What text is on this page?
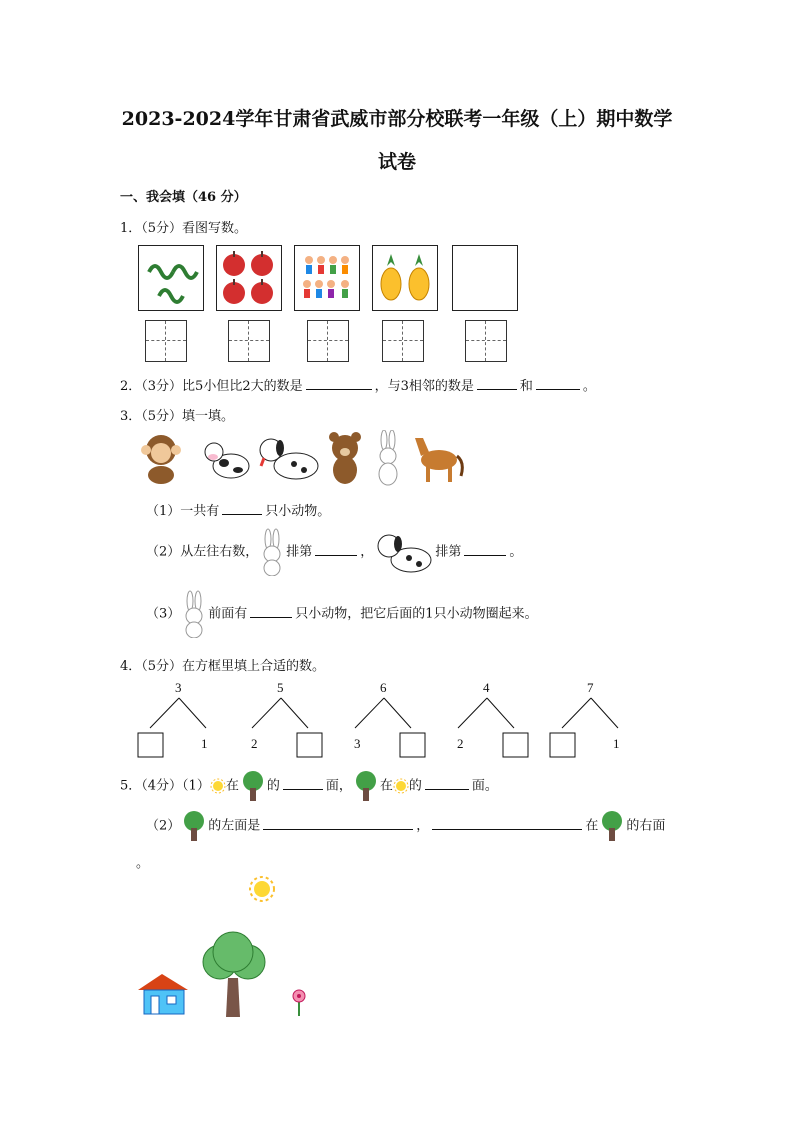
2023-2024学年甘肃省武威市部分校联考一年级（上）期中数学
试卷
一、我会填（46 分）
1．（5分）看图写数。
2．（3分）比5小但比2大的数是	，与3相邻的数是	和	。
3．（5分）填一填。
（1）一共有	只小动物。
（2）从左往右数， 排第	，	排第	。
（3） 前面有	只小动物，把它后面的1只小动物圈起来。
4．（5分）在方框里填上合适的数。
3
1
5
2
6
3
4
2
7
1
5．（4分）（1） 在 的	面， 在 的	面。
（2） 的左面是	，	在 的右面
。
